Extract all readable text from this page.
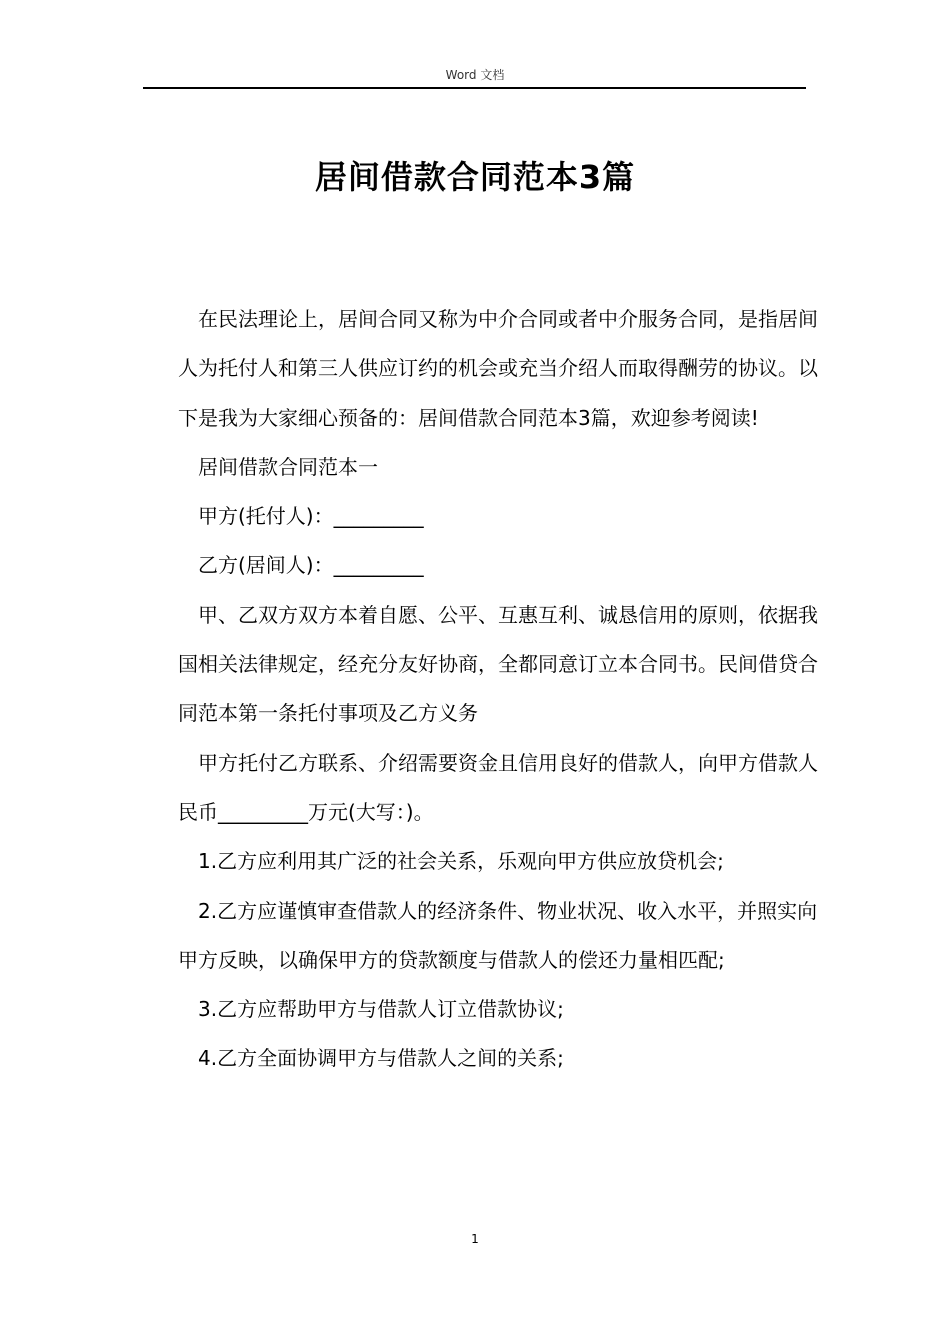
Word 文档
居间借款合同范本3篇

在民法理论上，居间合同又称为中介合同或者中介服务合同，是指居间人为托付人和第三人供应订约的机会或充当介绍人而取得酬劳的协议。以下是我为大家细心预备的：居间借款合同范本3篇，欢迎参考阅读!

居间借款合同范本一

甲方(托付人)：_________

乙方(居间人)：_________

甲、乙双方双方本着自愿、公平、互惠互利、诚恳信用的原则，依据我国相关法律规定，经充分友好协商，全都同意订立本合同书。民间借贷合同范本第一条托付事项及乙方义务

甲方托付乙方联系、介绍需要资金且信用良好的借款人，向甲方借款人民币_________万元(大写：)。

1.乙方应利用其广泛的社会关系，乐观向甲方供应放贷机会;

2.乙方应谨慎审查借款人的经济条件、物业状况、收入水平，并照实向甲方反映，以确保甲方的贷款额度与借款人的偿还力量相匹配;

3.乙方应帮助甲方与借款人订立借款协议;

4.乙方全面协调甲方与借款人之间的关系;

1
